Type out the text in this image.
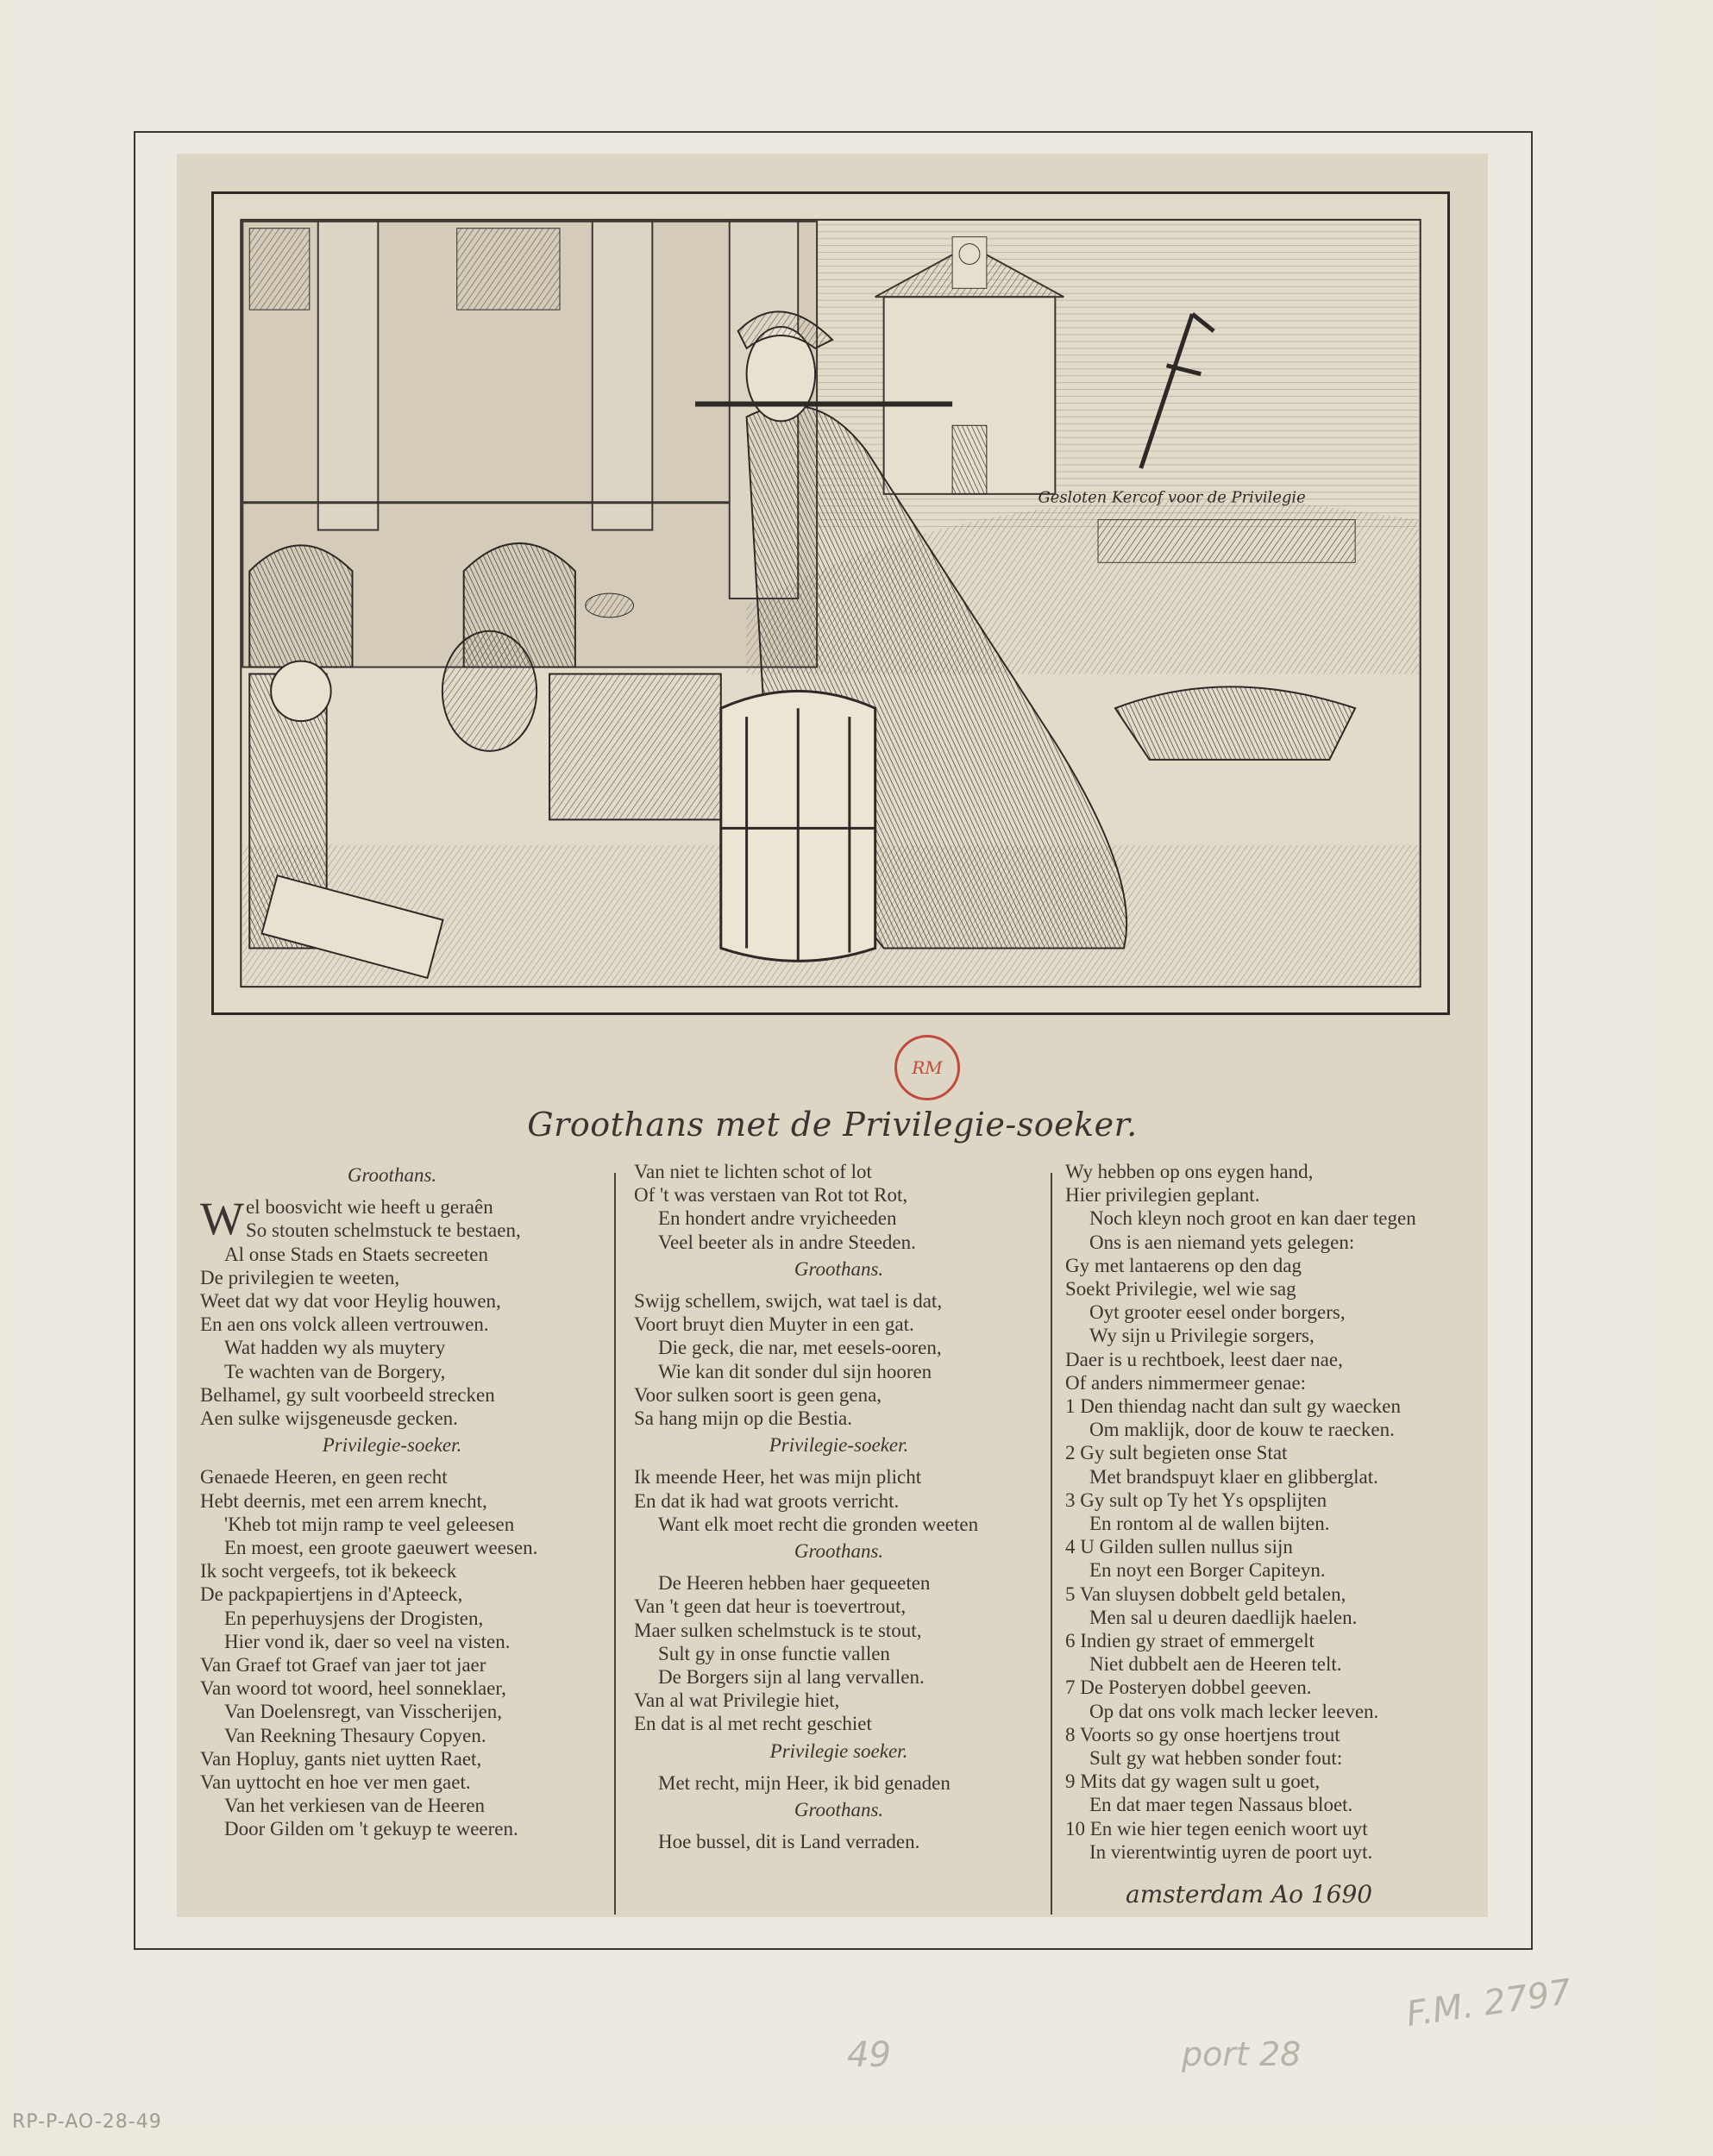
Gesloten Kercof voor de Privilegie
RM
Groothans met de Privilegie-soeker.
Groothans.
Wel boosvicht wie heeft u geraên
So stouten schelmstuck te bestaen,
Al onse Stads en Staets secreeten
De privilegien te weeten,
Weet dat wy dat voor Heylig houwen,
En aen ons volck alleen vertrouwen.
Wat hadden wy als muytery
Te wachten van de Borgery,
Belhamel, gy sult voorbeeld strecken
Aen sulke wijsgeneusde gecken.
Privilegie-soeker.
Genaede Heeren, en geen recht
Hebt deernis, met een arrem knecht,
'Kheb tot mijn ramp te veel geleesen
En moest, een groote gaeuwert weesen.
Ik socht vergeefs, tot ik bekeeck
De packpapiertjens in d'Apteeck,
En peperhuysjens der Drogisten,
Hier vond ik, daer so veel na visten.
Van Graef tot Graef van jaer tot jaer
Van woord tot woord, heel sonneklaer,
Van Doelensregt, van Visscherijen,
Van Reekning Thesaury Copyen.
Van Hopluy, gants niet uytten Raet,
Van uyttocht en hoe ver men gaet.
Van het verkiesen van de Heeren
Door Gilden om 't gekuyp te weeren.
Van niet te lichten schot of lot
Of 't was verstaen van Rot tot Rot,
En hondert andre vryicheeden
Veel beeter als in andre Steeden.
Groothans.
Swijg schellem, swijch, wat tael is dat,
Voort bruyt dien Muyter in een gat.
Die geck, die nar, met eesels-ooren,
Wie kan dit sonder dul sijn hooren
Voor sulken soort is geen gena,
Sa hang mijn op die Bestia.
Privilegie-soeker.
Ik meende Heer, het was mijn plicht
En dat ik had wat groots verricht.
Want elk moet recht die gronden weeten
Groothans.
De Heeren hebben haer gequeeten
Van 't geen dat heur is toevertrout,
Maer sulken schelmstuck is te stout,
Sult gy in onse functie vallen
De Borgers sijn al lang vervallen.
Van al wat Privilegie hiet,
En dat is al met recht geschiet
Privilegie soeker.
Met recht, mijn Heer, ik bid genaden
Groothans.
Hoe bussel, dit is Land verraden.
Wy hebben op ons eygen hand,
Hier privilegien geplant.
Noch kleyn noch groot en kan daer tegen
Ons is aen niemand yets gelegen:
Gy met lantaerens op den dag
Soekt Privilegie, wel wie sag
Oyt grooter eesel onder borgers,
Wy sijn u Privilegie sorgers,
Daer is u rechtboek, leest daer nae,
Of anders nimmermeer genae:
1 Den thiendag nacht dan sult gy waecken
Om maklijk, door de kouw te raecken.
2 Gy sult begieten onse Stat
Met brandspuyt klaer en glibberglat.
3 Gy sult op Ty het Ys opsplijten
En rontom al de wallen bijten.
4 U Gilden sullen nullus sijn
En noyt een Borger Capiteyn.
5 Van sluysen dobbelt geld betalen,
Men sal u deuren daedlijk haelen.
6 Indien gy straet of emmergelt
Niet dubbelt aen de Heeren telt.
7 De Posteryen dobbel geeven.
Op dat ons volk mach lecker leeven.
8 Voorts so gy onse hoertjens trout
Sult gy wat hebben sonder fout:
9 Mits dat gy wagen sult u goet,
En dat maer tegen Nassaus bloet.
10 En wie hier tegen eenich woort uyt
In vierentwintig uyren de poort uyt.
amsterdam Ao 1690
49	port 28
F.M. 2797
RP-P-AO-28-49
